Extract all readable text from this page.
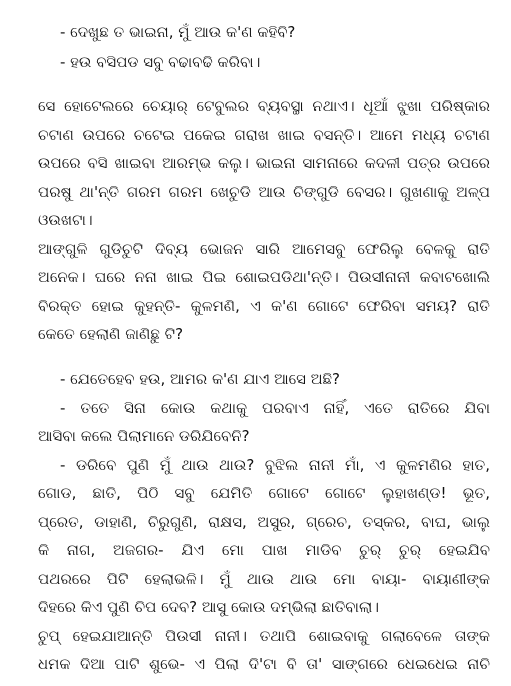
- ଦେଖୁଛ ତ ଭାଇନା, ମୁଁ ଆଉ କ'ଣ କହିବି?
- ହଉ ବସିପଡ ସବୁ ବଢାବଢି କରିବା।
ସେ ହୋଟେଲରେ ଚେୟାର୍ ଟେବୁଲର ବ୍ୟବସ୍ଥା ନଥାଏ। ଧୂଆଁ ଝୁଖା ପରିଷ୍କାର
ଚଟାଣ ଉପରେ ଚଟେଇ ପକେଇ ଗରାଖ ଖାଇ ବସନ୍ତି। ଆମେ ମଧ୍ୟ ଚଟାଣ
ଉପରେ ବସି ଖାଇବା ଆରମ୍ଭ କଲୁ। ଭାଇନା ସାମନାରେ କଦଳୀ ପତ୍ର ଉପରେ
ପରଷୁ ଥା'ନ୍ତି ଗରମ ଗରମ ଖେଚୁଡି ଆଉ ଚିଙ୍ଗୁଡି ବେସର। ଗୁଖଣାକୁ ଅଳ୍ପ
ଓଉଖଟା।
ଆଙ୍ଗୁଳି ଗୁଡିଚୁଟି ଦିବ୍ୟ ଭୋଜନ ସାରି ଆମେସବୁ ଫେରିଲୁ ବେଳକୁ ରାତି
ଅନେକ। ଘରେ ନନା ଖାଇ ପିଇ ଶୋଇପଡିଥା'ନ୍ତି। ପିଉସୀନାନୀ କବାଟଖୋଲି
ବିରକ୍ତ ହୋଇ କୁହନ୍ତି- କୁଳମଣି, ଏ କ'ଣ ଗୋଟେ ଫେରିବା ସମୟ? ରାତି
କେତେ ହେଲାଣି ଜାଣିଛୁ ଟି?
- ଯେତେହେବ ହଉ, ଆମର କ'ଣ ଯାଏ ଆସେ ଅଛି?
- ତତେ ସିନା କୋଉ କଥାକୁ ପରବାଏ ନାହିଁ, ଏତେ ରାତିରେ ଯିବା
ଆସିବା କଲେ ପିଲାମାନେ ଡରିଯିବେନି?
- ଡରିବେ ପୁଣି ମୁଁ ଥାଉ ଥାଉ? ବୁଝିଲ ନାନୀ ମାଁ, ଏ କୁଳମଣିର ହାତ,
ଗୋଡ, ଛାତି, ପିଠି ସବୁ ଯେମିତି ଗୋଟେ ଗୋଟେ ଲୁହାଖଣ୍ଡ! ଭୂତ,
ପ୍ରେତ, ଡାହାଣି, ଚିରୁଗୁଣି, ରାକ୍ଷସ, ଅସୁର, ଗ୍ରେଚ, ତସ୍କର, ବାଘ, ଭାଲୁ
କି ନାଗ, ଅଜଗର- ଯିଏ ମୋ ପାଖ ମାଡିବ ଚୁର୍ ଚୁର୍ ହେଇଯିବ
ପଥରରେ ପିଟି ହେଲାଭଳି। ମୁଁ ଥାଉ ଥାଉ ମୋ ବାୟା- ବାୟାଣୀଙ୍କ
ଦିହରେ କିଏ ପୁଣି ଚିପ ଦେବ? ଆସୁ କୋଉ ଦମ୍ଭିଲା ଛାତିବାଲା।
ଚୁପ୍ ହେଇଯାଆନ୍ତି ପିଉସୀ ନାନୀ। ତଥାପି ଶୋଇବାକୁ ଗଲାବେଳେ ତାଙ୍କ
ଧମକ ଦିଆ ପାଟି ଶୁଭେ- ଏ ପିଲା ଦି'ଟା ବି ତା' ସାଙ୍ଗରେ ଧେଇଧେଇ ନାଚି
